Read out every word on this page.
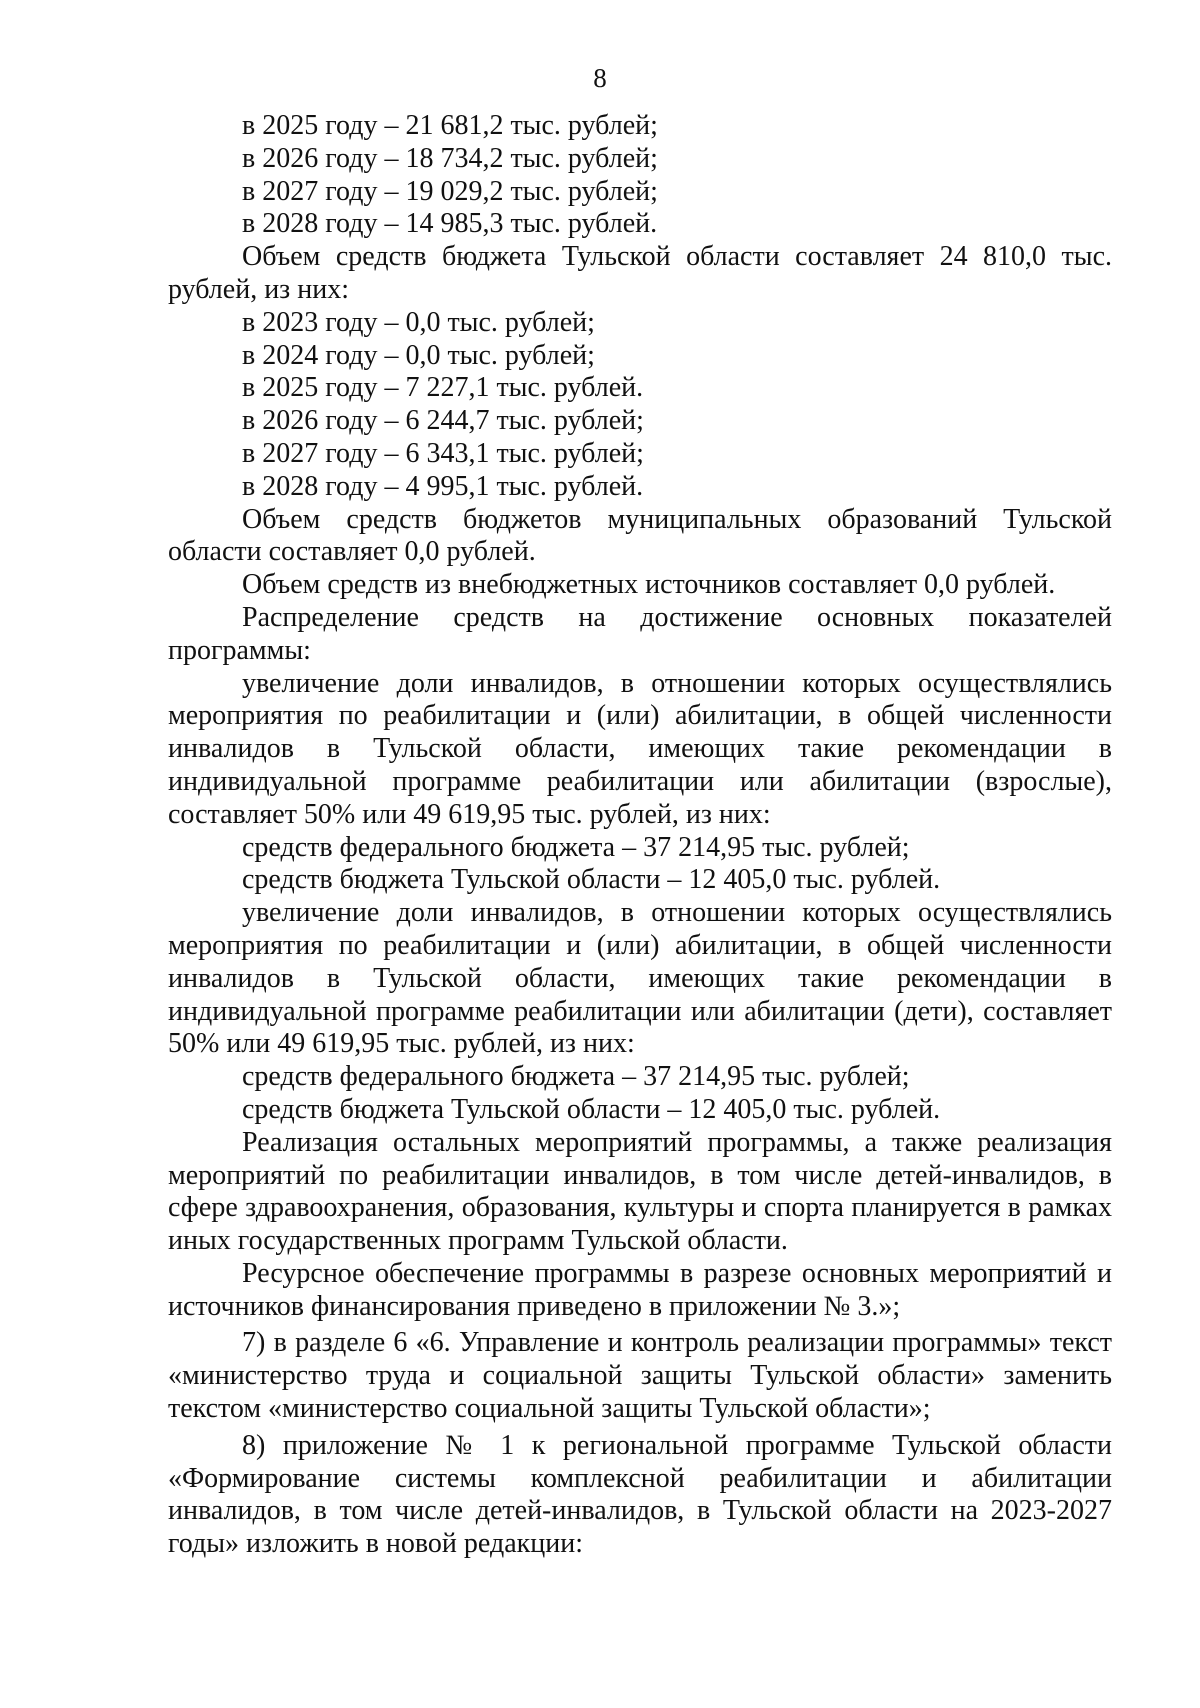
8

в 2025 году – 21 681,2 тыс. рублей;

в 2026 году – 18 734,2 тыс. рублей;

в 2027 году – 19 029,2 тыс. рублей;

в 2028 году – 14 985,3 тыс. рублей.

Объем средств бюджета Тульской области составляет 24 810,0 тыс. рублей, из них:

в 2023 году – 0,0 тыс. рублей;

в 2024 году – 0,0 тыс. рублей;

в 2025 году – 7 227,1 тыс. рублей.

в 2026 году – 6 244,7 тыс. рублей;

в 2027 году – 6 343,1 тыс. рублей;

в 2028 году – 4 995,1 тыс. рублей.

Объем средств бюджетов муниципальных образований Тульской области составляет 0,0 рублей.

Объем средств из внебюджетных источников составляет 0,0 рублей.

Распределение средств на достижение основных показателей программы:

увеличение доли инвалидов, в отношении которых осуществлялись мероприятия по реабилитации и (или) абилитации, в общей численности инвалидов в Тульской области, имеющих такие рекомендации в индивидуальной программе реабилитации или абилитации (взрослые), составляет 50% или 49 619,95 тыс. рублей, из них:

средств федерального бюджета – 37 214,95 тыс. рублей;

средств бюджета Тульской области – 12 405,0 тыс. рублей.

увеличение доли инвалидов, в отношении которых осуществлялись мероприятия по реабилитации и (или) абилитации, в общей численности инвалидов в Тульской области, имеющих такие рекомендации в индивидуальной программе реабилитации или абилитации (дети), составляет 50% или 49 619,95 тыс. рублей, из них:

средств федерального бюджета – 37 214,95 тыс. рублей;

средств бюджета Тульской области – 12 405,0 тыс. рублей.

Реализация остальных мероприятий программы, а также реализация мероприятий по реабилитации инвалидов, в том числе детей-инвалидов, в сфере здравоохранения, образования, культуры и спорта планируется в рамках иных государственных программ Тульской области.

Ресурсное обеспечение программы в разрезе основных мероприятий и источников финансирования приведено в приложении № 3.»;

7) в разделе 6 «6. Управление и контроль реализации программы» текст «министерство труда и социальной защиты Тульской области» заменить текстом «министерство социальной защиты Тульской области»;

8) приложение № 1 к региональной программе Тульской области «Формирование системы комплексной реабилитации и абилитации инвалидов, в том числе детей-инвалидов, в Тульской области на 2023-2027 годы» изложить в новой редакции:
